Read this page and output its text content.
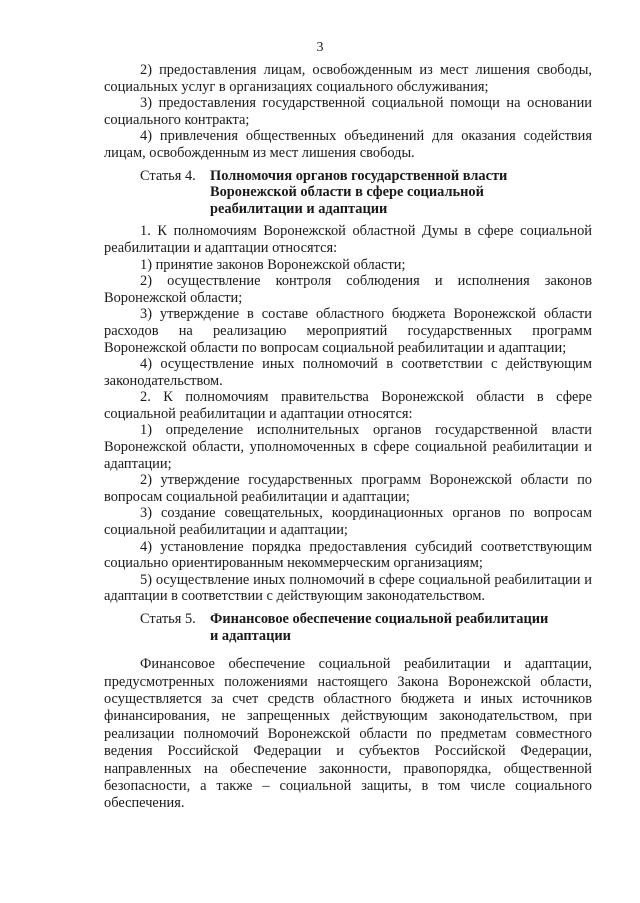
3

2) предоставления лицам, освобожденным из мест лишения свободы, социальных услуг в организациях социального обслуживания;

3) предоставления государственной социальной помощи на основании социального контракта;

4) привлечения общественных объединений для оказания содействия лицам, освобожденным из мест лишения свободы.

Статья 4. Полномочия органов государственной власти Воронежской области в сфере социальной реабилитации и адаптации

1. К полномочиям Воронежской областной Думы в сфере социальной реабилитации и адаптации относятся:

1) принятие законов Воронежской области;

2) осуществление контроля соблюдения и исполнения законов Воронежской области;

3) утверждение в составе областного бюджета Воронежской области расходов на реализацию мероприятий государственных программ Воронежской области по вопросам социальной реабилитации и адаптации;

4) осуществление иных полномочий в соответствии с действующим законодательством.

2. К полномочиям правительства Воронежской области в сфере социальной реабилитации и адаптации относятся:

1) определение исполнительных органов государственной власти Воронежской области, уполномоченных в сфере социальной реабилитации и адаптации;

2) утверждение государственных программ Воронежской области по вопросам социальной реабилитации и адаптации;

3) создание совещательных, координационных органов по вопросам социальной реабилитации и адаптации;

4) установление порядка предоставления субсидий соответствующим социально ориентированным некоммерческим организациям;

5) осуществление иных полномочий в сфере социальной реабилитации и адаптации в соответствии с действующим законодательством.

Статья 5. Финансовое обеспечение социальной реабилитации и адаптации

Финансовое обеспечение социальной реабилитации и адаптации, предусмотренных положениями настоящего Закона Воронежской области, осуществляется за счет средств областного бюджета и иных источников финансирования, не запрещенных действующим законодательством, при реализации полномочий Воронежской области по предметам совместного ведения Российской Федерации и субъектов Российской Федерации, направленных на обеспечение законности, правопорядка, общественной безопасности, а также – социальной защиты, в том числе социального обеспечения.
